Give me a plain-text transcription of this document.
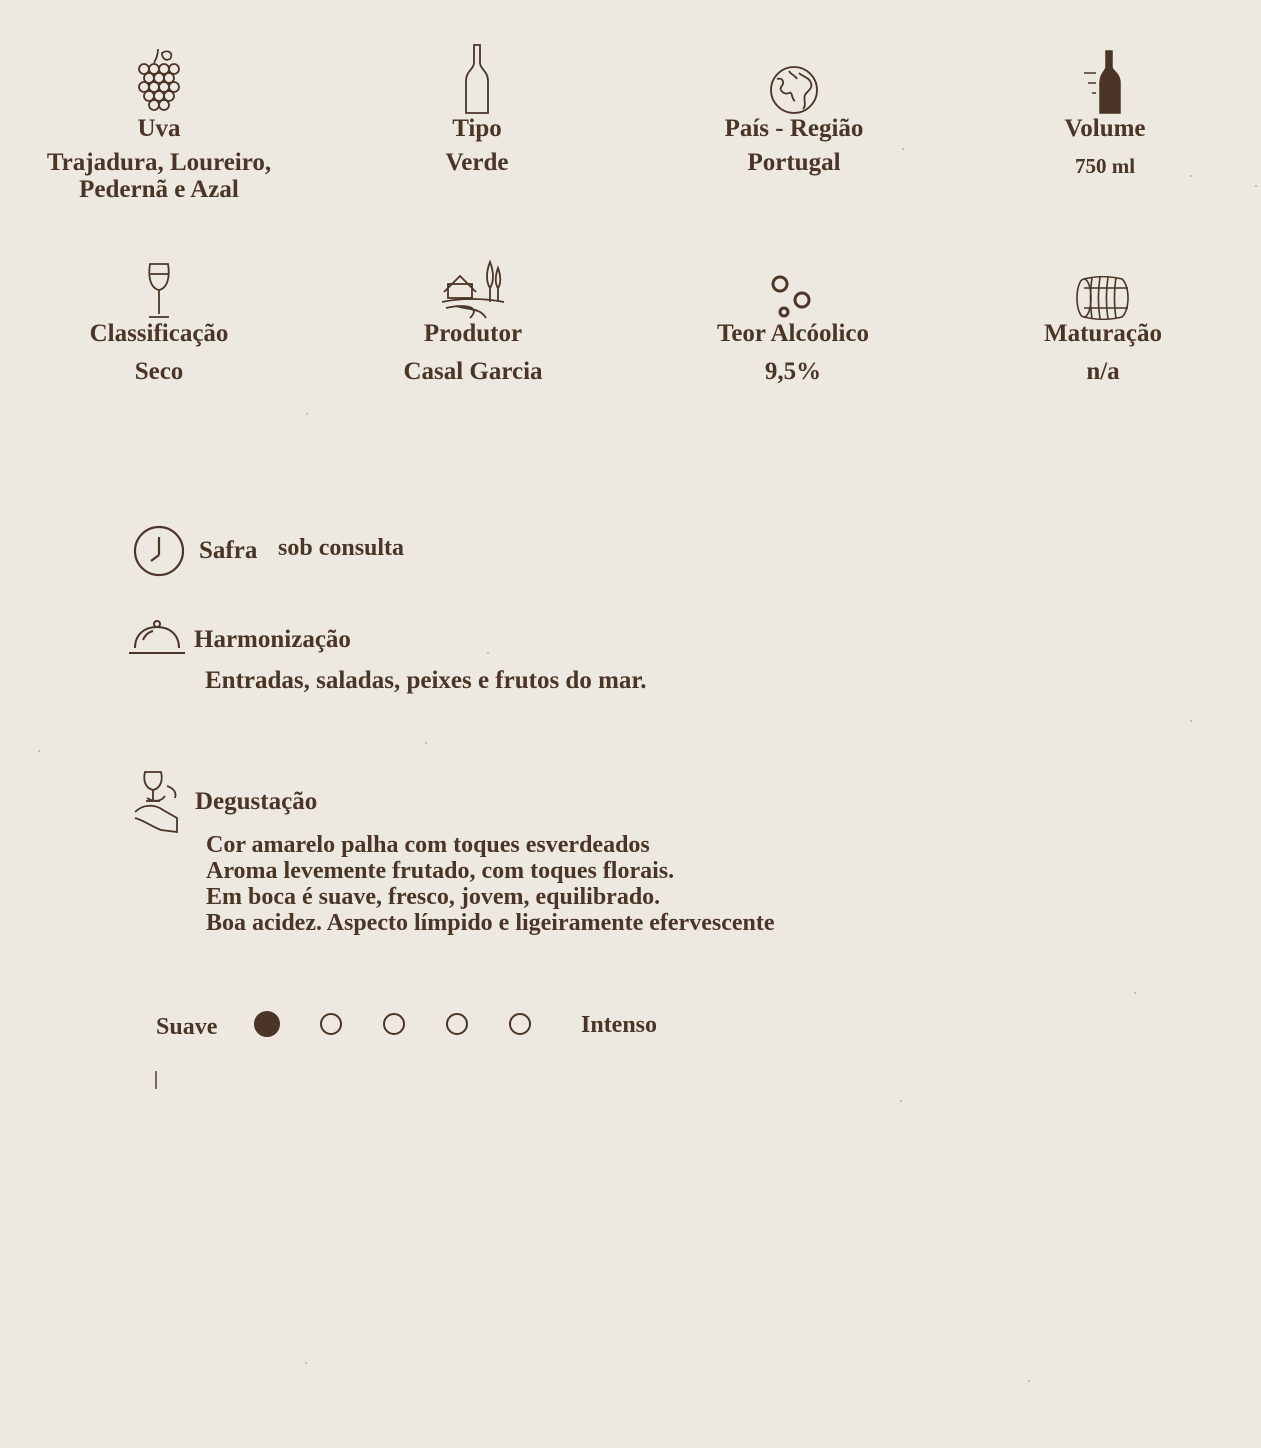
Uva
Trajadura, Loureiro, Pedernã e Azal
Tipo
Verde
País - Região
Portugal
Volume
750 ml
Classificação
Seco
Produtor
Casal Garcia
Teor Alcóolico
9,5%
Maturação
n/a
Safra sob consulta
Harmonização
Entradas, saladas, peixes e frutos do mar.
Degustação
Cor amarelo palha com toques esverdeados
Aroma levemente frutado, com toques florais.
Em boca é suave, fresco, jovem, equilibrado.
Boa acidez. Aspecto límpido e ligeiramente efervescente
Suave	Intenso
